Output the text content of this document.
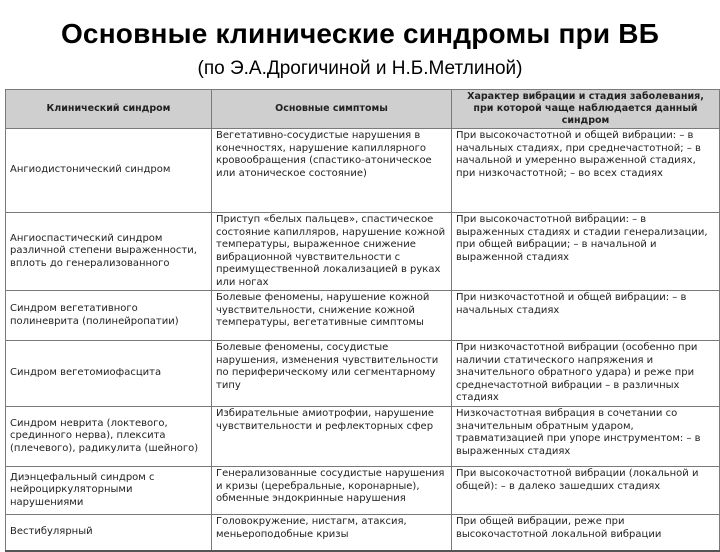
Основные клинические синдромы при ВБ
(по Э.А.Дрогичиной и Н.Б.Метлиной)
Клинический синдром	Основные симптомы	Характер вибрации и стадия заболевания, при которой чаще наблюдается данный синдром
Ангиодистонический синдром	Вегетативно-сосудистые нарушения в конечностях, нарушение капиллярного кровообращения (спастико-атоническое или атоническое состояние)	При высокочастотной и общей вибрации: – в начальных стадиях, при среднечастотной; – в начальной и умеренно выраженной стадиях, при низкочастотной; – во всех стадиях
Ангиоспастический синдром различной степени выраженности, вплоть до генерализованного	Приступ «белых пальцев», спастическое состояние капилляров, нарушение кожной температуры, выраженное снижение вибрационной чувствительности с преимущественной локализацией в руках или ногах	При высокочастотной вибрации: – в выраженных стадиях и стадии генерализации, при общей вибрации; – в начальной и выраженной стадиях
Синдром вегетативного полиневрита (полинейропатии)	Болевые феномены, нарушение кожной чувствительности, снижение кожной температуры, вегетативные симптомы	При низкочастотной и общей вибрации: – в начальных стадиях
Синдром вегетомиофасцита	Болевые феномены, сосудистые нарушения, изменения чувствительности по периферическому или сегментарному типу	При низкочастотной вибрации (особенно при наличии статического напряжения и значительного обратного удара) и реже при среднечастотной вибрации – в различных стадиях
Синдром неврита (локтевого, срединного нерва), плексита (плечевого), радикулита (шейного)	Избирательные амиотрофии, нарушение чувствительности и рефлекторных сфер	Низкочастотная вибрация в сочетании со значительным обратным ударом, травматизацией при упоре инструментом: – в выраженных стадиях
Диэнцефальный синдром с нейроциркуляторными нарушениями	Генерализованные сосудистые нарушения и кризы (церебральные, коронарные), обменные эндокринные нарушения	При высокочастотной вибрации (локальной и общей): – в далеко зашедших стадиях
Вестибулярный	Головокружение, нистагм, атаксия, меньероподобные кризы	При общей вибрации, реже при высокочастотной локальной вибрации
